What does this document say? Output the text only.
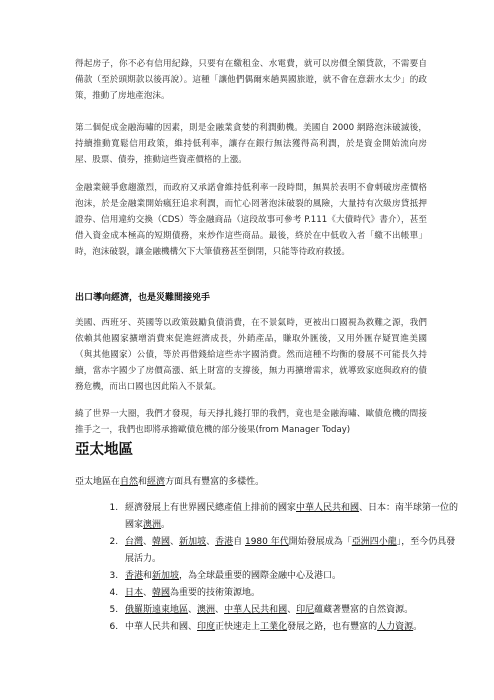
得起房子，你不必有信用紀錄，只要有在繳租金、水電費，就可以房價全額貸款，不需要自備款（至於頭期款以後再說）。這種「讓他們偶爾來趟異國旅遊，就不會在意薪水太少」的政策，推動了房地產泡沫。

第二個促成金融海嘯的因素，則是金融業貪婪的利潤動機。美國自 2000 網路泡沫破滅後，持續推動寬鬆信用政策，維持低利率，讓存在銀行無法獲得高利潤，於是資金開始流向房屋、股票、債券，推動這些資產價格的上漲。

金融業競爭愈趨激烈，而政府又承諾會維持低利率一段時間，無異於表明不會刺破房產價格泡沫，於是金融業開始瘋狂追求利潤，而忙心罔著泡沫破裂的風險，大量持有次級房貸抵押證券、信用違約交換（CDS）等金融商品（這段故事可參考 P.111《大債時代》書介），甚至借入資金成本極高的短期債務，來炒作這些商品。最後，終於在中低收入者「繳不出帳單」時，泡沫破裂，讓金融機構欠下大筆債務甚至倒閉，只能等待政府救援。

出口導向經濟，也是災難間接兇手

美國、西班牙、英國等以政策鼓勵負債消費，在不景氣時，更被出口國視為救難之源，我們依賴其他國家擴增消費來促進經濟成長，外銷產品，賺取外匯後，又用外匯存疑買進美國（與其他國家）公債，等於再借錢給這些赤字國消費。然而這種不均衡的發展不可能長久持續，當赤字國少了房價高漲、紙上財富的支撐後，無力再擴增需求，就導致家庭與政府的債務危機，而出口國也因此陷入不景氣。

繞了世界一大圈，我們才發現，每天掙扎錢打罪的我們，竟也是金融海嘯、歐債危機的間接推手之一，我們也即將承擔歐債危機的部分後果(from Manager Today)

亞太地區

亞太地區在自然和經濟方面具有豐富的多樣性。

1. 經濟發展上有世界國民總產值上排前的國家中華人民共和國、日本：南半球第一位的國家澳洲。
2. 台灣、韓國、新加坡、香港自 1980 年代開始發展成為「亞洲四小龍」，至今仍具發展活力。
3. 香港和新加坡，為全球最重要的國際金融中心及港口。
4. 日本、韓國為重要的技術策源地。
5. 俄羅斯遠東地區、澳洲、中華人民共和國、印尼蘊藏著豐富的自然資源。
6. 中華人民共和國、印度正快速走上工業化發展之路，也有豐富的人力資源。
